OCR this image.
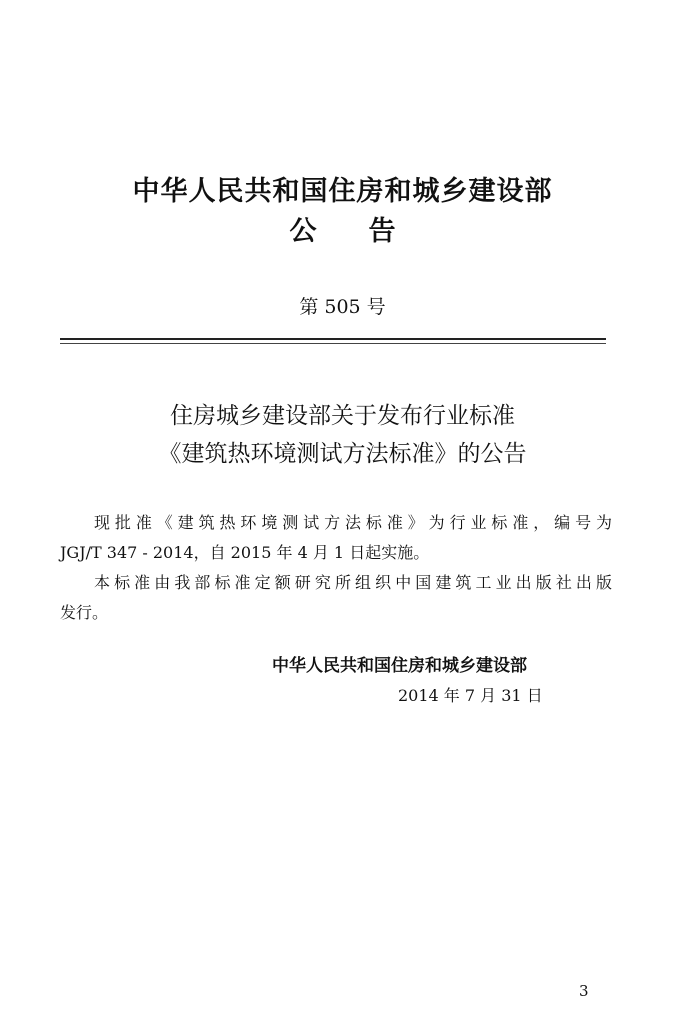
中华人民共和国住房和城乡建设部
公告
第 505 号
住房城乡建设部关于发布行业标准
《建筑热环境测试方法标准》的公告
现批准《建筑热环境测试方法标准》为行业标准，编号为
JGJ/T 347 - 2014，自 2015 年 4 月 1 日起实施。
本标准由我部标准定额研究所组织中国建筑工业出版社出版
发行。
中华人民共和国住房和城乡建设部
2014 年 7 月 31 日
3
